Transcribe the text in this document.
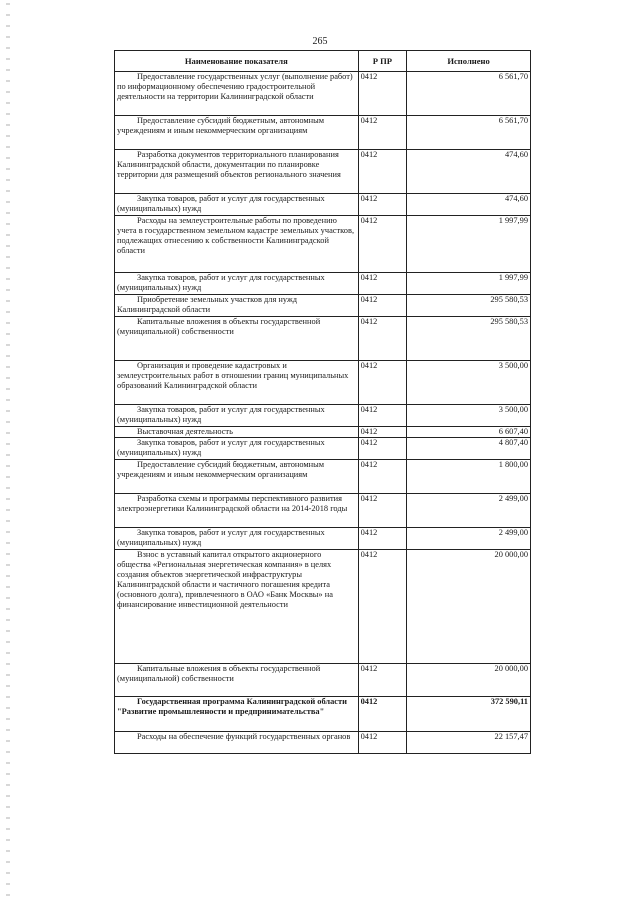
265
Наименование показателя	Р ПР	Исполнено
Предоставление государственных услуг (выполнение работ) по информационному обеспечению градостроительной деятельности на территории Калининградской области	0412	6 561,70
Предоставление субсидий бюджетным, автономным учреждениям и иным некоммерческим организациям	0412	6 561,70
Разработка документов территориального планирования Калининградской области, документации по планировке территории для размещений объектов регионального значения	0412	474,60
Закупка товаров, работ и услуг для государственных (муниципальных) нужд	0412	474,60
Расходы на землеустроительные работы по проведению учета в государственном земельном кадастре земельных участков, подлежащих отнесению к собственности Калининградской области	0412	1 997,99
Закупка товаров, работ и услуг для государственных (муниципальных) нужд	0412	1 997,99
Приобретение земельных участков для нужд Калининградской области	0412	295 580,53
Капитальные вложения в объекты государственной (муниципальной) собственности	0412	295 580,53
Организация и проведение кадастровых и землеустроительных работ в отношении границ муниципальных образований Калининградской области	0412	3 500,00
Закупка товаров, работ и услуг для государственных (муниципальных) нужд	0412	3 500,00
Выставочная деятельность	0412	6 607,40
Закупка товаров, работ и услуг для государственных (муниципальных) нужд	0412	4 807,40
Предоставление субсидий бюджетным, автономным учреждениям и иным некоммерческим организациям	0412	1 800,00
Разработка схемы и программы перспективного развития электроэнергетики Калининградской области на 2014-2018 годы	0412	2 499,00
Закупка товаров, работ и услуг для государственных (муниципальных) нужд	0412	2 499,00
Взнос в уставный капитал открытого акционерного общества «Региональная энергетическая компания» в целях создания объектов энергетической инфраструктуры Калининградской области и частичного погашения кредита (основного долга), привлеченного в ОАО «Банк Москвы» на финансирование инвестиционной деятельности	0412	20 000,00
Капитальные вложения в объекты государственной (муниципальной) собственности	0412	20 000,00
Государственная программа Калининградской области "Развитие промышленности и предпринимательства"	0412	372 590,11
Расходы на обеспечение функций государственных органов	0412	22 157,47
